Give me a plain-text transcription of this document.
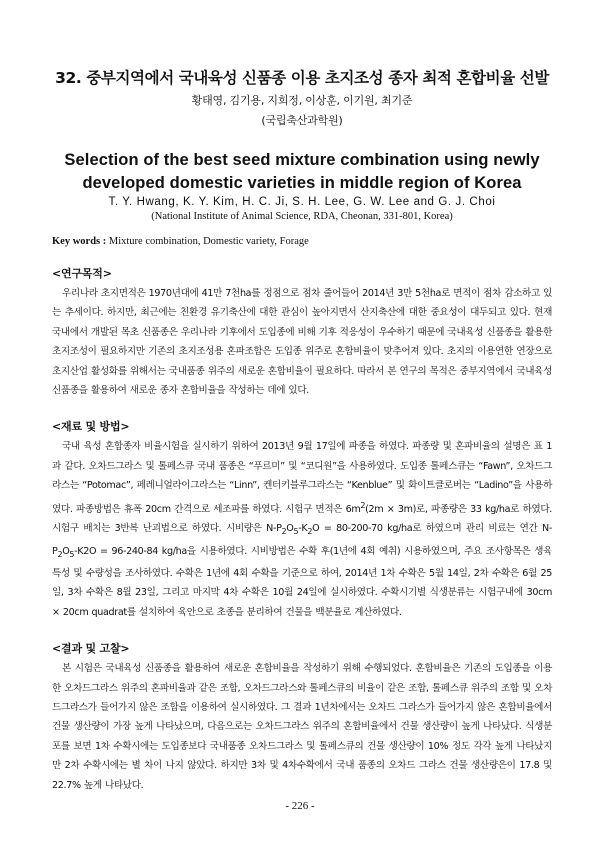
32. 중부지역에서 국내육성 신품종 이용 초지조성 종자 최적 혼합비율 선발

황태영, 김기용, 지희정, 이상훈, 이기원, 최기준

(국립축산과학원)

Selection of the best seed mixture combination using newly
developed domestic varieties in middle region of Korea

T. Y. Hwang, K. Y. Kim, H. C. Ji, S. H. Lee, G. W. Lee and G. J. Choi

(National Institute of Animal Science, RDA, Cheonan, 331-801, Korea)

Key words : Mixture combination, Domestic variety, Forage

<연구목적>

우리나라 초지면적은 1970년대에 41만 7천ha를 정점으로 점차 줄어들어 2014년 3만 5천ha로 면적이 점차 감소하고 있는 추세이다. 하지만, 최근에는 친환경 유기축산에 대한 관심이 높아지면서 산지축산에 대한 중요성이 대두되고 있다. 현재 국내에서 개발된 목초 신품종은 우리나라 기후에서 도입종에 비해 기후 적응성이 우수하기 때문에 국내육성 신품종을 활용한 초지조성이 필요하지만 기존의 초지조성용 혼파조합은 도입종 위주로 혼합비율이 맞추어져 있다. 초지의 이용연한 연장으로 초지산업 활성화를 위해서는 국내품종 위주의 새로운 혼합비율이 필요하다. 따라서 본 연구의 목적은 중부지역에서 국내육성 신품종을 활용하여 새로운 종자 혼합비율을 작성하는 데에 있다.

<재료 및 방법>

국내 육성 혼합종자 비율시험을 실시하기 위하여 2013년 9월 17일에 파종을 하였다. 파종량 및 혼파비율의 설명은 표 1과 같다. 오차드그라스 및 톨페스큐 국내 품종은 “푸르미” 및 “코디원”을 사용하였다. 도입종 톨페스큐는 “Fawn”, 오차드그라스는 “Potomac”, 페레니얼라이그라스는 “Linn”, 켄터키블루그라스는 “Kenblue” 및 화이트클로버는 “Ladino”을 사용하였다. 파종방법은 휴폭 20cm 간격으로 세조파를 하였다. 시험구 면적은 $6m^2(2m \times 3m)$로, 파종량은 33 kg/ha로 하였다. 시험구 배치는 3반복 난괴법으로 하였다. 시비량은 $N-P_2O_5-K_2O = 80-200-70$ kg/ha로 하였으며 관리 비료는 연간 $N-P_2O_5-K2O = 96-240-84$ kg/ha을 시용하였다. 시비방법은 수확 후(1년에 4회 예취) 시용하였으며, 주요 조사항목은 생육특성 및 수량성을 조사하였다. 수확은 1년에 4회 수확을 기준으로 하여, 2014년 1차 수확은 5월 14일, 2차 수확은 6월 25일, 3차 수확은 8월 23일, 그리고 마지막 4차 수확은 10월 24일에 실시하였다. 수확시기별 식생분류는 시험구내에 30cm × 20cm quadrat를 설치하여 육안으로 초종을 분리하여 건물을 백분율로 계산하였다.

<결과 및 고찰>

본 시험은 국내육성 신품종을 활용하여 새로운 혼합비율을 작성하기 위해 수행되었다. 혼합비율은 기존의 도입종을 이용한 오차드그라스 위주의 혼파비율과 같은 조합, 오차드그라스와 톨페스큐의 비율이 같은 조합, 톨페스큐 위주의 조합 및 오차드그라스가 들어가지 않은 조합을 이용하여 실시하였다. 그 결과 1년차에서는 오차드 그라스가 들어가지 않은 혼합비율에서 건물 생산량이 가장 높게 나타났으며, 다음으로는 오차드그라스 위주의 혼합비율에서 건물 생산량이 높게 나타났다. 식생분포를 보면 1차 수확시에는 도입종보다 국내품종 오차드그라스 및 톨페스큐의 건물 생산량이 10% 정도 각각 높게 나타났지만 2차 수확시에는 별 차이 나지 않았다. 하지만 3차 및 4차수확에서 국내 품종의 오차드 그라스 건물 생산량은이 17.8 및 22.7% 높게 나타났다.

- 226 -
